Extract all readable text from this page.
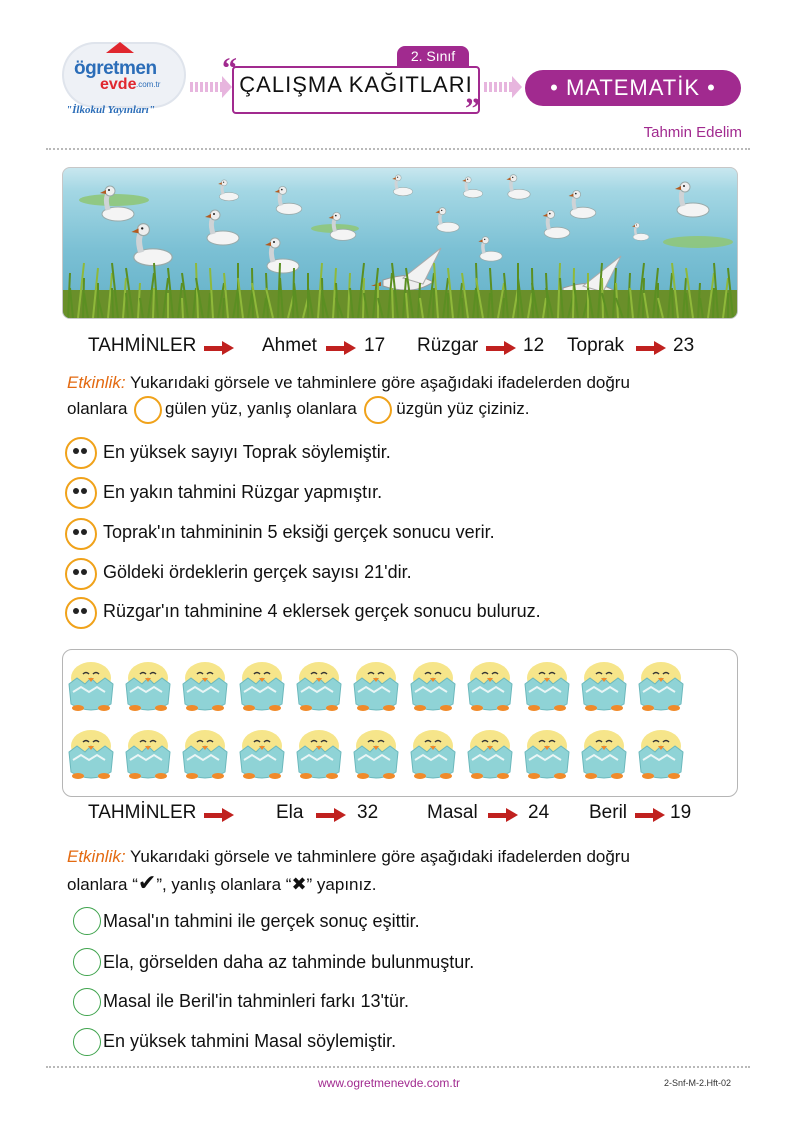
ögretmen
evde .com.tr
"İlkokul Yayınları"
2. Sınıf
“
”
ÇALIŞMA KAĞITLARI	• MATEMATİK •
Tahmin Edelim
TAHMİNLER	Ahmet 17 Rüzgar 12 Toprak	23
Etkinlik: Yukarıdaki görsele ve tahminlere göre aşağıdaki ifadelerden doğru
olanlara gülen yüz, yanlış olanlara üzgün yüz çiziniz.
En yüksek sayıyı Toprak söylemiştir.
En yakın tahmini Rüzgar yapmıştır.
Toprak'ın tahmininin 5 eksiği gerçek sonucu verir.
Göldeki ördeklerin gerçek sayısı 21'dir.
Rüzgar'ın tahminine 4 eklersek gerçek sonucu buluruz.
TAHMİNLER	Ela	32	Masal	24 Beril 19
Etkinlik: Yukarıdaki görsele ve tahminlere göre aşağıdaki ifadelerden doğru
olanlara “✔”, yanlış olanlara “✖” yapınız.
Masal'ın tahmini ile gerçek sonuç eşittir.
Ela, görselden daha az tahminde bulunmuştur.
Masal ile Beril'in tahminleri farkı 13'tür.
En yüksek tahmini Masal söylemiştir.
www.ogretmenevde.com.tr	2-Snf-M-2.Hft-02
